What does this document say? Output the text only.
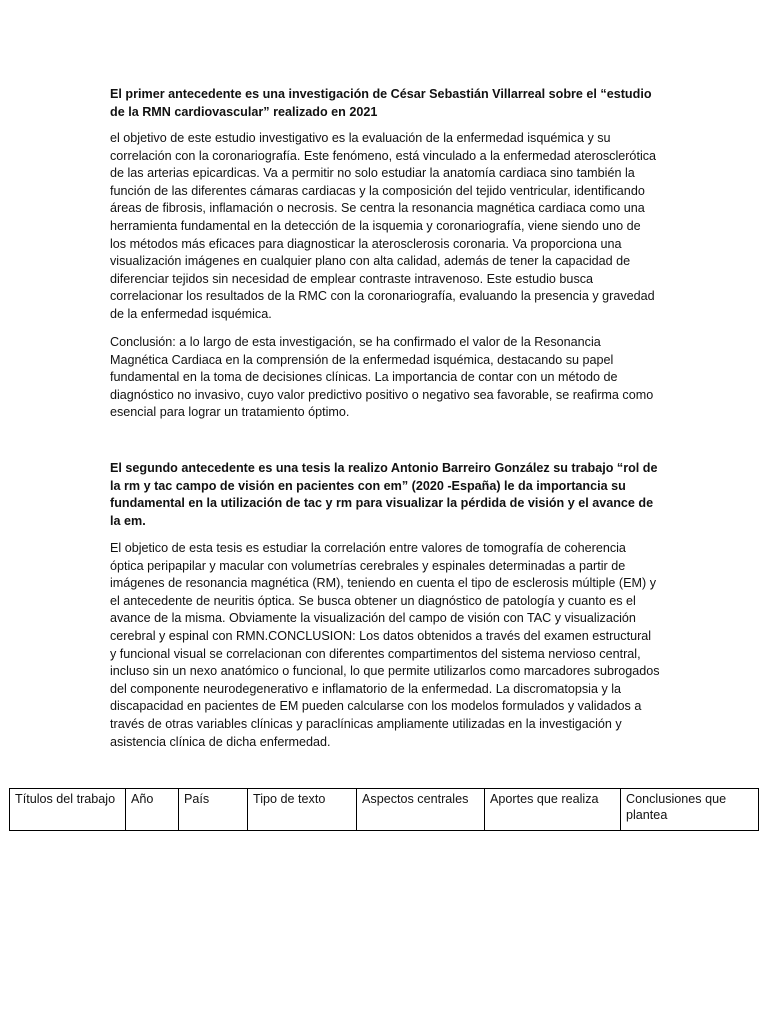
El primer antecedente es una investigación de César Sebastián Villarreal sobre el “estudio de la RMN cardiovascular” realizado en 2021

el objetivo de este estudio investigativo es la evaluación de la enfermedad isquémica y su correlación con la coronariografía. Este fenómeno, está vinculado a la enfermedad aterosclerótica de las arterias epicardicas. Va a permitir no solo estudiar la anatomía cardiaca sino también la función de las diferentes cámaras cardiacas y la composición del tejido ventricular, identificando áreas de fibrosis, inflamación o necrosis. Se centra la resonancia magnética cardiaca como una herramienta fundamental en la detección de la isquemia y coronariografía, viene siendo uno de los métodos más eficaces para diagnosticar la aterosclerosis coronaria. Va proporciona una visualización imágenes en cualquier plano con alta calidad, además de tener la capacidad de diferenciar tejidos sin necesidad de emplear contraste intravenoso. Este estudio busca correlacionar los resultados de la RMC con la coronariografía, evaluando la presencia y gravedad de la enfermedad isquémica.

Conclusión: a lo largo de esta investigación, se ha confirmado el valor de la Resonancia Magnética Cardiaca en la comprensión de la enfermedad isquémica, destacando su papel fundamental en la toma de decisiones clínicas. La importancia de contar con un método de diagnóstico no invasivo, cuyo valor predictivo positivo o negativo sea favorable, se reafirma como esencial para lograr un tratamiento óptimo.

El segundo antecedente es una tesis la realizo Antonio Barreiro González su trabajo “rol de la rm y tac campo de visión en pacientes con em” (2020 -España) le da importancia su fundamental en la utilización de tac y rm para visualizar la pérdida de visión y el avance de la em.

El objetico de esta tesis es estudiar la correlación entre valores de tomografía de coherencia óptica peripapilar y macular con volumetrías cerebrales y espinales determinadas a partir de imágenes de resonancia magnética (RM), teniendo en cuenta el tipo de esclerosis múltiple (EM) y el antecedente de neuritis óptica. Se busca obtener un diagnóstico de patología y cuanto es el avance de la misma. Obviamente la visualización del campo de visión con TAC y visualización cerebral y espinal con RMN.CONCLUSION: Los datos obtenidos a través del examen estructural y funcional visual se correlacionan con diferentes compartimentos del sistema nervioso central, incluso sin un nexo anatómico o funcional, lo que permite utilizarlos como marcadores subrogados del componente neurodegenerativo e inflamatorio de la enfermedad. La discromatopsia y la discapacidad en pacientes de EM pueden calcularse con los modelos formulados y validados a través de otras variables clínicas y paraclínicas ampliamente utilizadas en la investigación y asistencia clínica de dicha enfermedad.

Títulos del trabajo	Año	País	Tipo de texto	Aspectos centrales	Aportes que realiza	Conclusiones que plantea
